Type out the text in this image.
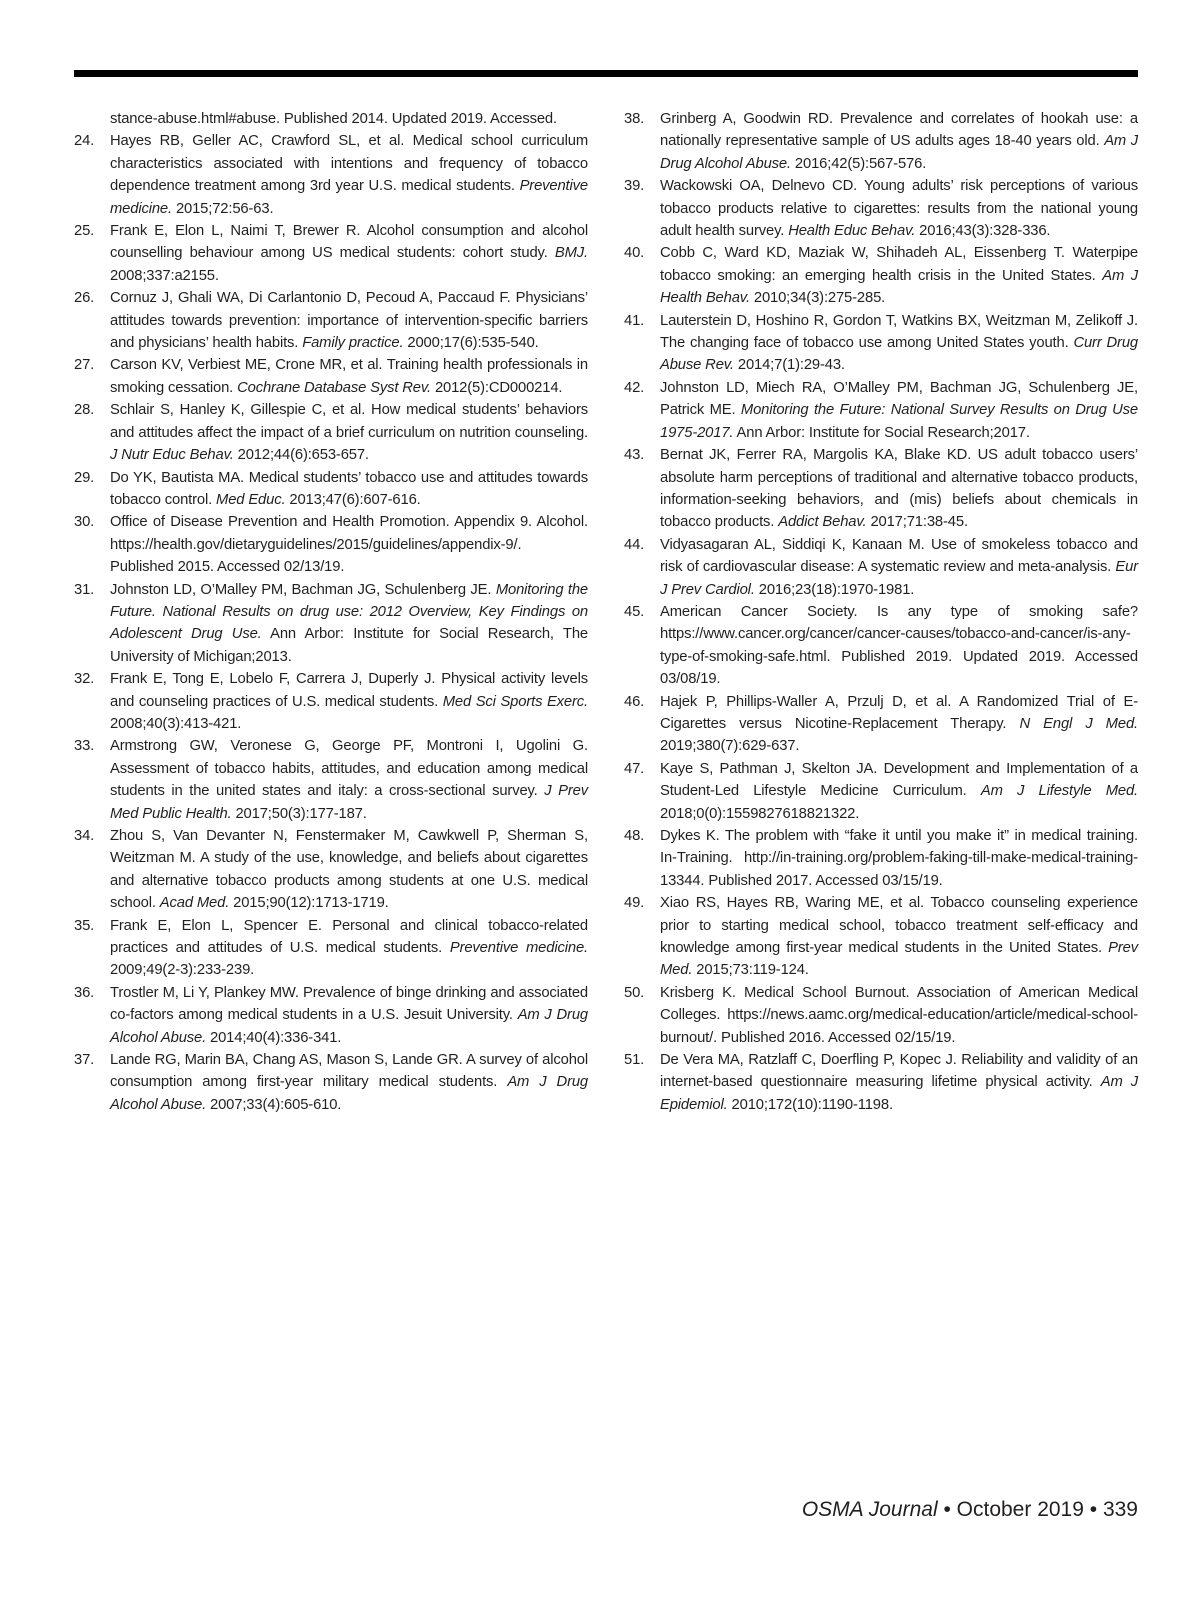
stance-abuse.html#abuse. Published 2014. Updated 2019. Accessed.
24. Hayes RB, Geller AC, Crawford SL, et al. Medical school curriculum characteristics associated with intentions and frequency of tobacco dependence treatment among 3rd year U.S. medical students. Preventive medicine. 2015;72:56-63.
25. Frank E, Elon L, Naimi T, Brewer R. Alcohol consumption and alcohol counselling behaviour among US medical students: cohort study. BMJ. 2008;337:a2155.
26. Cornuz J, Ghali WA, Di Carlantonio D, Pecoud A, Paccaud F. Physicians’ attitudes towards prevention: importance of intervention-specific barriers and physicians’ health habits. Family practice. 2000;17(6):535-540.
27. Carson KV, Verbiest ME, Crone MR, et al. Training health professionals in smoking cessation. Cochrane Database Syst Rev. 2012(5):CD000214.
28. Schlair S, Hanley K, Gillespie C, et al. How medical students’ behaviors and attitudes affect the impact of a brief curriculum on nutrition counseling. J Nutr Educ Behav. 2012;44(6):653-657.
29. Do YK, Bautista MA. Medical students’ tobacco use and attitudes towards tobacco control. Med Educ. 2013;47(6):607-616.
30. Office of Disease Prevention and Health Promotion. Appendix 9. Alcohol. https://health.gov/dietaryguidelines/2015/guidelines/appendix-9/. Published 2015. Accessed 02/13/19.
31. Johnston LD, O’Malley PM, Bachman JG, Schulenberg JE. Monitoring the Future. National Results on drug use: 2012 Overview, Key Findings on Adolescent Drug Use. Ann Arbor: Institute for Social Research, The University of Michigan;2013.
32. Frank E, Tong E, Lobelo F, Carrera J, Duperly J. Physical activity levels and counseling practices of U.S. medical students. Med Sci Sports Exerc. 2008;40(3):413-421.
33. Armstrong GW, Veronese G, George PF, Montroni I, Ugolini G. Assessment of tobacco habits, attitudes, and education among medical students in the united states and italy: a cross-sectional survey. J Prev Med Public Health. 2017;50(3):177-187.
34. Zhou S, Van Devanter N, Fenstermaker M, Cawkwell P, Sherman S, Weitzman M. A study of the use, knowledge, and beliefs about cigarettes and alternative tobacco products among students at one U.S. medical school. Acad Med. 2015;90(12):1713-1719.
35. Frank E, Elon L, Spencer E. Personal and clinical tobacco-related practices and attitudes of U.S. medical students. Preventive medicine. 2009;49(2-3):233-239.
36. Trostler M, Li Y, Plankey MW. Prevalence of binge drinking and associated co-factors among medical students in a U.S. Jesuit University. Am J Drug Alcohol Abuse. 2014;40(4):336-341.
37. Lande RG, Marin BA, Chang AS, Mason S, Lande GR. A survey of alcohol consumption among first-year military medical students. Am J Drug Alcohol Abuse. 2007;33(4):605-610.
38. Grinberg A, Goodwin RD. Prevalence and correlates of hookah use: a nationally representative sample of US adults ages 18-40 years old. Am J Drug Alcohol Abuse. 2016;42(5):567-576.
39. Wackowski OA, Delnevo CD. Young adults’ risk perceptions of various tobacco products relative to cigarettes: results from the national young adult health survey. Health Educ Behav. 2016;43(3):328-336.
40. Cobb C, Ward KD, Maziak W, Shihadeh AL, Eissenberg T. Waterpipe tobacco smoking: an emerging health crisis in the United States. Am J Health Behav. 2010;34(3):275-285.
41. Lauterstein D, Hoshino R, Gordon T, Watkins BX, Weitzman M, Zelikoff J. The changing face of tobacco use among United States youth. Curr Drug Abuse Rev. 2014;7(1):29-43.
42. Johnston LD, Miech RA, O’Malley PM, Bachman JG, Schulenberg JE, Patrick ME. Monitoring the Future: National Survey Results on Drug Use 1975-2017. Ann Arbor: Institute for Social Research;2017.
43. Bernat JK, Ferrer RA, Margolis KA, Blake KD. US adult tobacco users’ absolute harm perceptions of traditional and alternative tobacco products, information-seeking behaviors, and (mis) beliefs about chemicals in tobacco products. Addict Behav. 2017;71:38-45.
44. Vidyasagaran AL, Siddiqi K, Kanaan M. Use of smokeless tobacco and risk of cardiovascular disease: A systematic review and meta-analysis. Eur J Prev Cardiol. 2016;23(18):1970-1981.
45. American Cancer Society. Is any type of smoking safe? https://www.cancer.org/cancer/cancer-causes/tobacco-and-cancer/is-any-type-of-smoking-safe.html. Published 2019. Updated 2019. Accessed 03/08/19.
46. Hajek P, Phillips-Waller A, Przulj D, et al. A Randomized Trial of E-Cigarettes versus Nicotine-Replacement Therapy. N Engl J Med. 2019;380(7):629-637.
47. Kaye S, Pathman J, Skelton JA. Development and Implementation of a Student-Led Lifestyle Medicine Curriculum. Am J Lifestyle Med. 2018;0(0):1559827618821322.
48. Dykes K. The problem with “fake it until you make it” in medical training. In-Training. http://in-training.org/problem-faking-till-make-medical-training-13344. Published 2017. Accessed 03/15/19.
49. Xiao RS, Hayes RB, Waring ME, et al. Tobacco counseling experience prior to starting medical school, tobacco treatment self-efficacy and knowledge among first-year medical students in the United States. Prev Med. 2015;73:119-124.
50. Krisberg K. Medical School Burnout. Association of American Medical Colleges. https://news.aamc.org/medical-education/article/medical-school-burnout/. Published 2016. Accessed 02/15/19.
51. De Vera MA, Ratzlaff C, Doerfling P, Kopec J. Reliability and validity of an internet-based questionnaire measuring lifetime physical activity. Am J Epidemiol. 2010;172(10):1190-1198.
OSMA Journal • October 2019 • 339
